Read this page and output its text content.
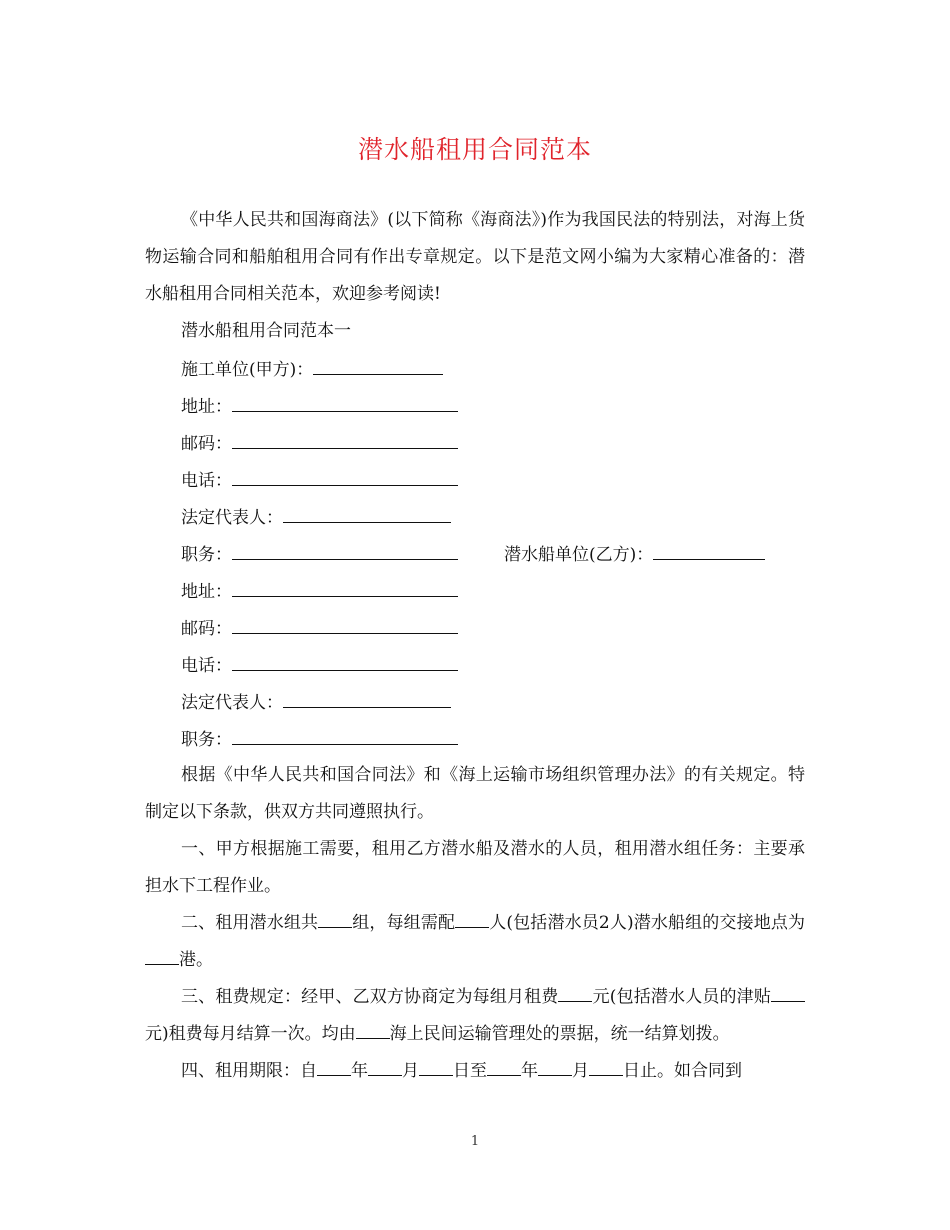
潜水船租用合同范本

《中华人民共和国海商法》(以下简称《海商法》)作为我国民法的特别法，对海上货物运输合同和船舶租用合同有作出专章规定。以下是范文网小编为大家精心准备的：潜水船租用合同相关范本，欢迎参考阅读!

潜水船租用合同范本一

施工单位(甲方)：

地址：

邮码：

电话：

法定代表人：

职务：	潜水船单位(乙方)：

地址：

邮码：

电话：

法定代表人：

职务：

根据《中华人民共和国合同法》和《海上运输市场组织管理办法》的有关规定。特制定以下条款，供双方共同遵照执行。

一、甲方根据施工需要，租用乙方潜水船及潜水的人员，租用潜水组任务：主要承担水下工程作业。

二、租用潜水组共 组，每组需配 人(包括潜水员2人)潜水船组的交接地点为港。

三、租费规定：经甲、乙双方协商定为每组月租费 元(包括潜水人员的津贴元)租费每月结算一次。均由 海上民间运输管理处的票据，统一结算划拨。

四、租用期限：自 年 月 日至 年 月 日止。如合同到

1
